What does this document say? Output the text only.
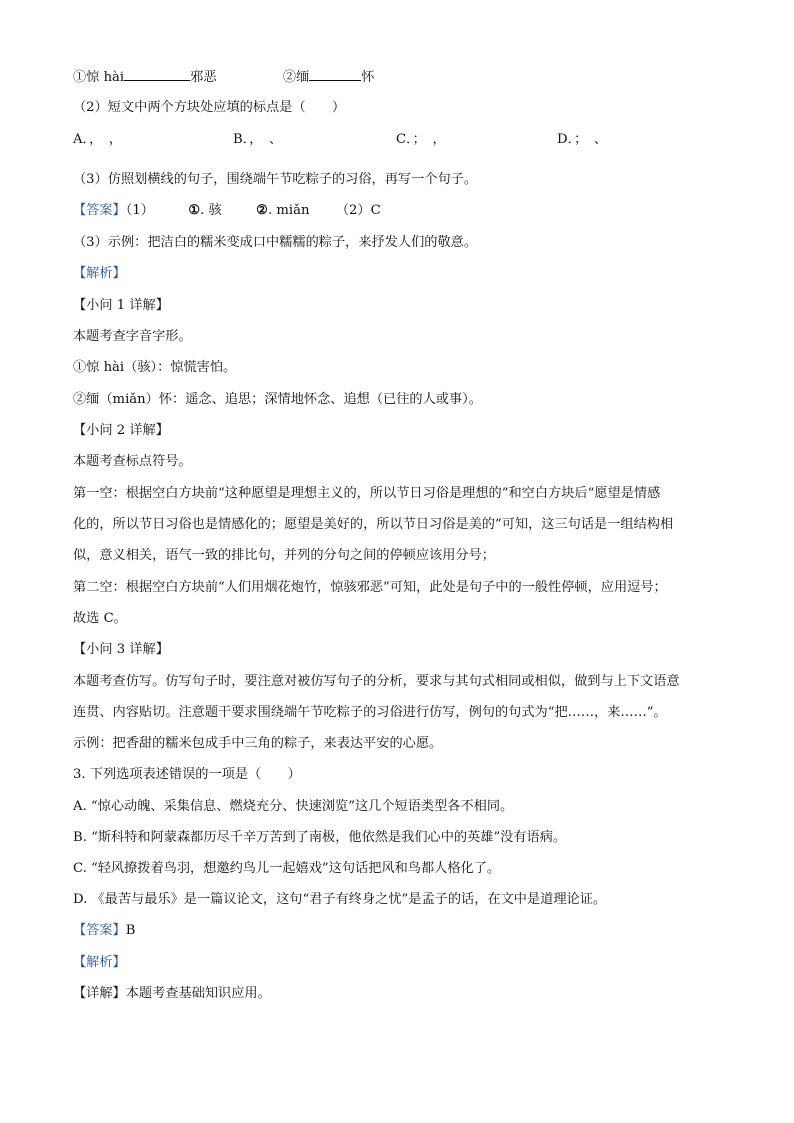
①惊 hài	邪恶	②缅	怀
（2）短文中两个方块处应填的标点是（　　）
A．，　，	B．，　、	C．；　，	D．；　、
（3）仿照划横线的句子，围绕端午节吃粽子的习俗，再写一个句子。
【答案】（1）	①. 骇	②. miǎn （2）C
（3）示例：把洁白的糯米变成口中糯糯的粽子，来抒发人们的敬意。
【解析】
【小问 1 详解】
本题考查字音字形。
①惊 hài（骇）：惊慌害怕。
②缅（miǎn）怀：遥念、追思；深情地怀念、追想（已往的人或事）。
【小问 2 详解】
本题考查标点符号。
第一空：根据空白方块前“这种愿望是理想主义的，所以节日习俗是理想的”和空白方块后“愿望是情感
化的，所以节日习俗也是情感化的；愿望是美好的，所以节日习俗是美的”可知，这三句话是一组结构相
似，意义相关，语气一致的排比句，并列的分句之间的停顿应该用分号；
第二空：根据空白方块前“人们用烟花炮竹，惊骇邪恶”可知，此处是句子中的一般性停顿，应用逗号；
故选 C。
【小问 3 详解】
本题考查仿写。仿写句子时，要注意对被仿写句子的分析，要求与其句式相同或相似，做到与上下文语意
连贯、内容贴切。注意题干要求围绕端午节吃粽子的习俗进行仿写，例句的句式为“把……，来……”。
示例：把香甜的糯米包成手中三角的粽子，来表达平安的心愿。
3. 下列选项表述错误的一项是（　　）
A. “惊心动魄、采集信息、燃烧充分、快速浏览”这几个短语类型各不相同。
B. “斯科特和阿蒙森都历尽千辛万苦到了南极，他依然是我们心中的英雄”没有语病。
C. “轻风撩拨着鸟羽，想邀约鸟儿一起嬉戏”这句话把风和鸟都人格化了。
D. 《最苦与最乐》是一篇议论文，这句“君子有终身之忧”是孟子的话，在文中是道理论证。
【答案】B
【解析】
【详解】本题考查基础知识应用。
